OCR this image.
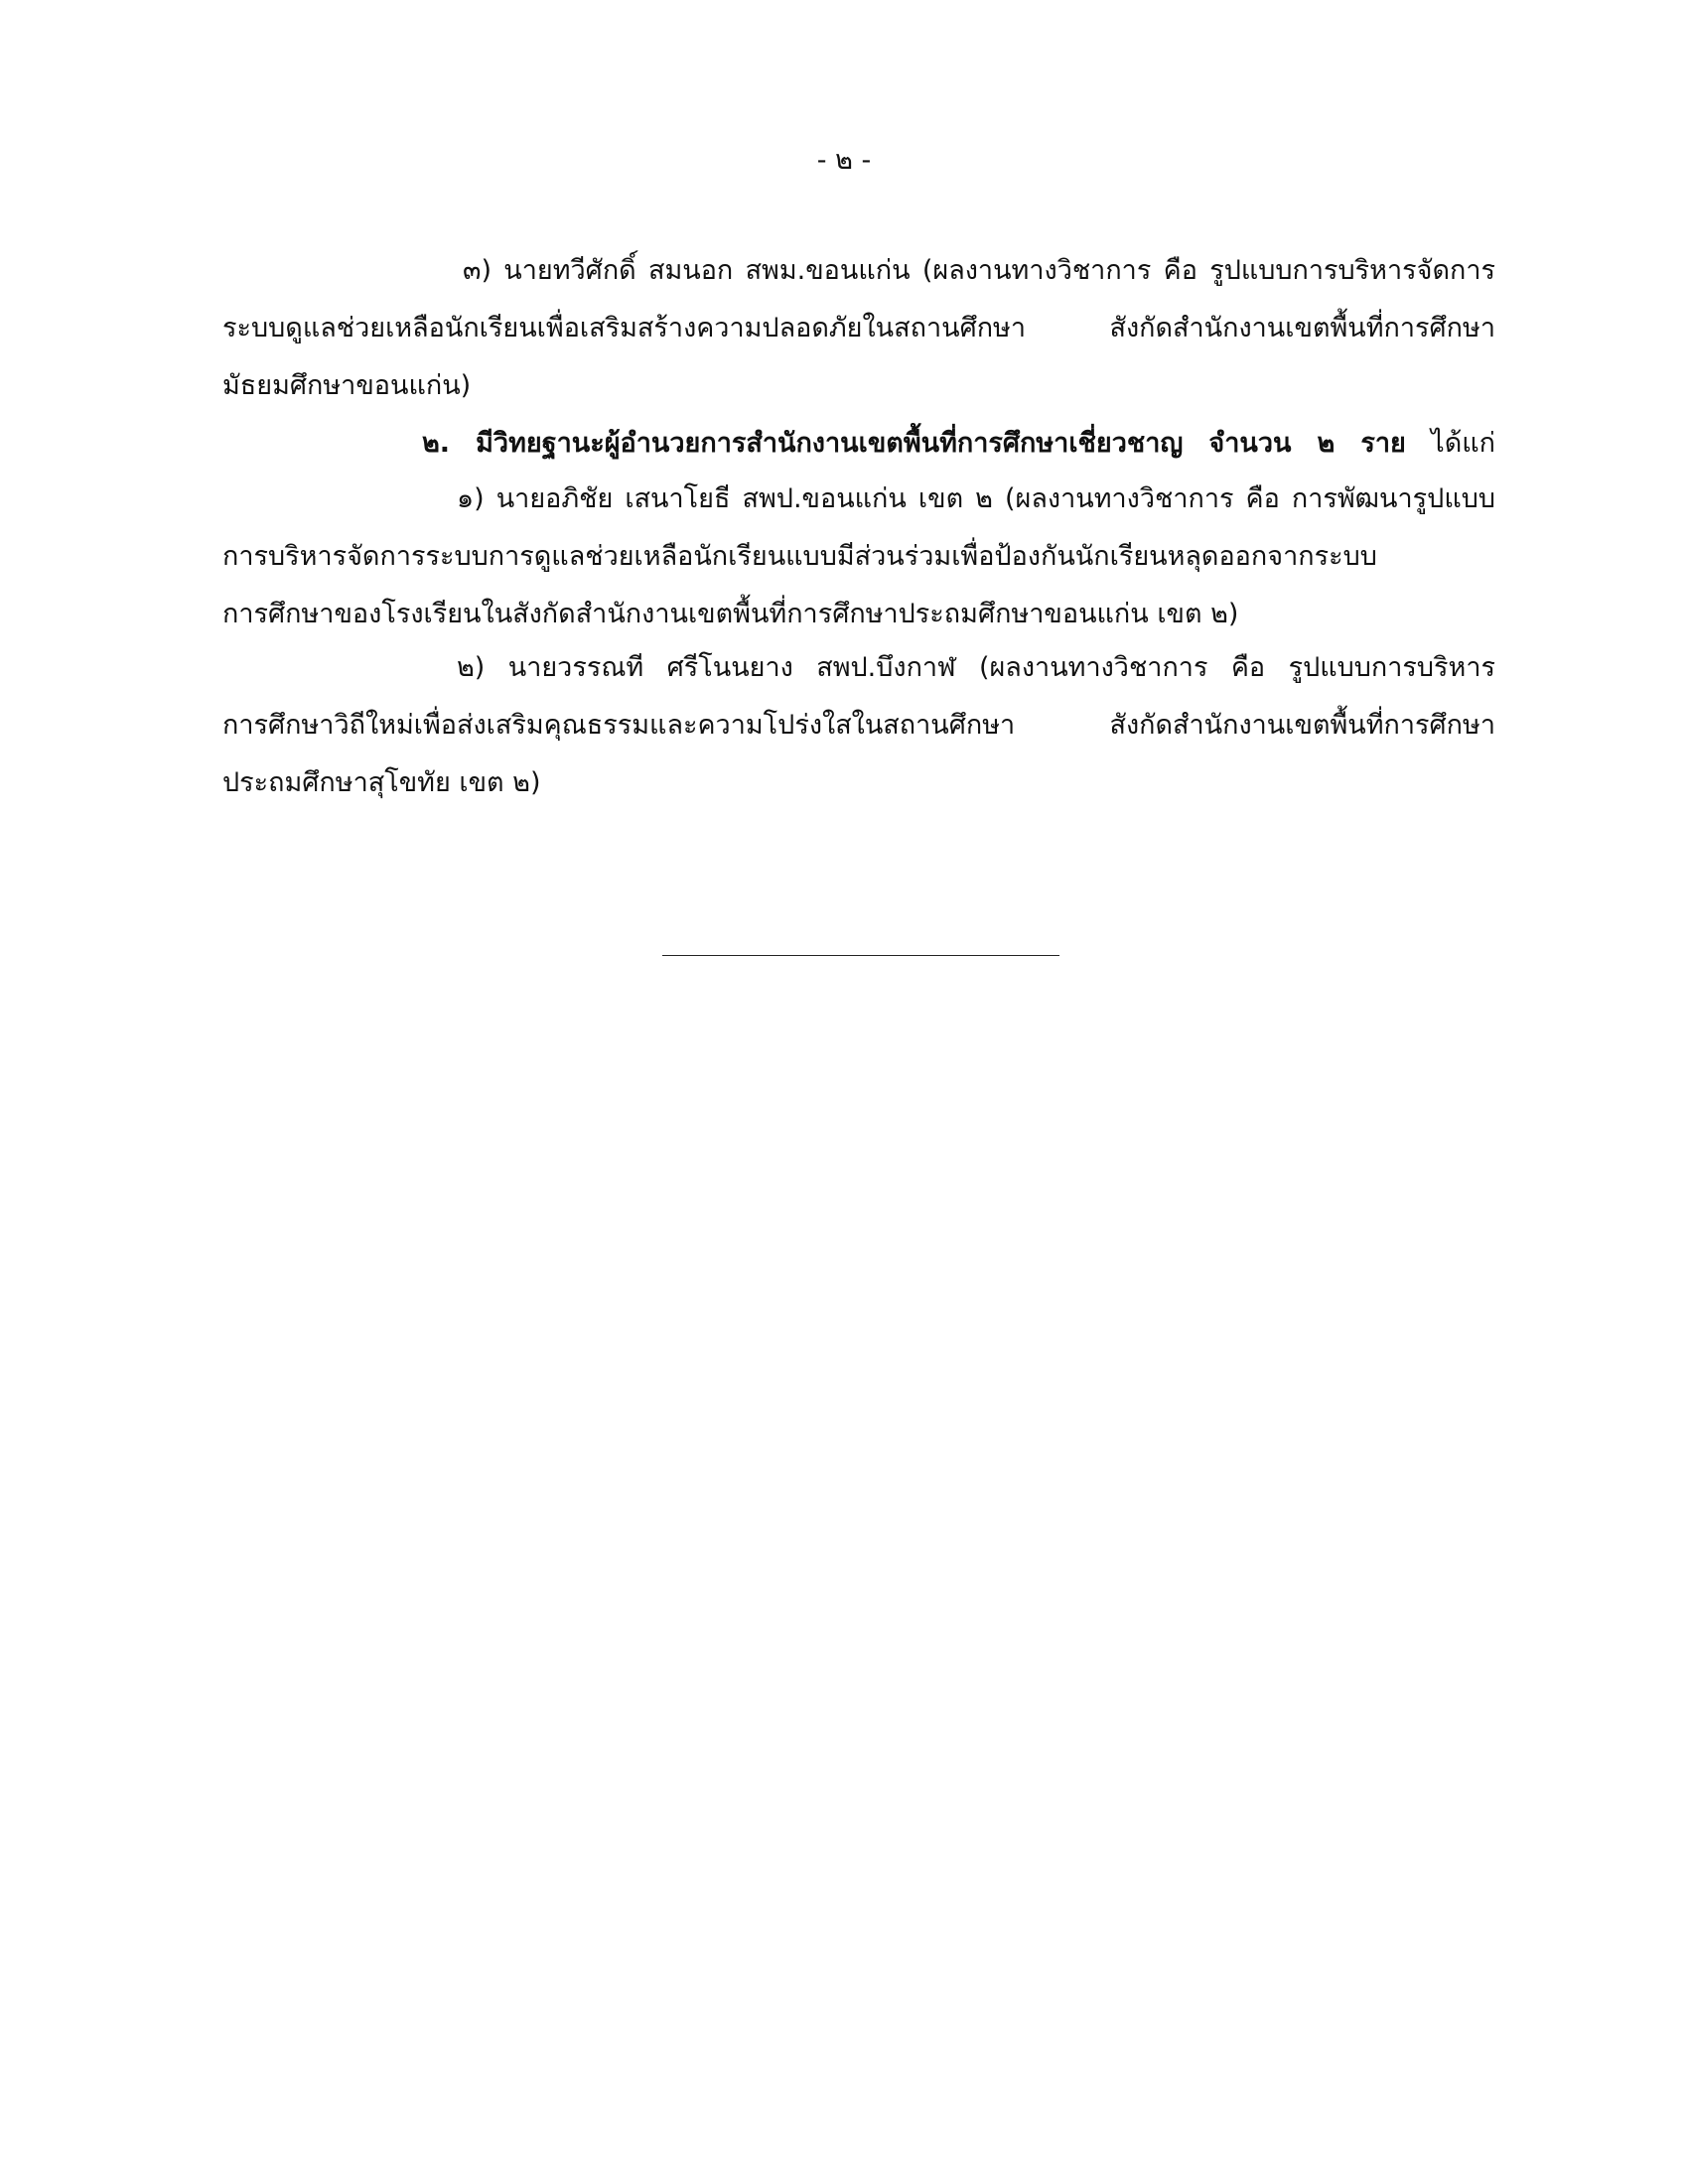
- ๒ -
๓) นายทวีศักดิ์ สมนอก สพม.ขอนแก่น (ผลงานทางวิชาการ คือ รูปแบบการบริหารจัดการ
ระบบดูแลช่วยเหลือนักเรียนเพื่อเสริมสร้างความปลอดภัยในสถานศึกษา สังกัดสำนักงานเขตพื้นที่การศึกษา
มัธยมศึกษาขอนแก่น)
๒. มีวิทยฐานะผู้อำนวยการสำนักงานเขตพื้นที่การศึกษาเชี่ยวชาญ จำนวน ๒ ราย ได้แก่
๑) นายอภิชัย เสนาโยธี สพป.ขอนแก่น เขต ๒ (ผลงานทางวิชาการ คือ การพัฒนารูปแบบ
การบริหารจัดการระบบการดูแลช่วยเหลือนักเรียนแบบมีส่วนร่วมเพื่อป้องกันนักเรียนหลุดออกจากระบบ
การศึกษาของโรงเรียนในสังกัดสำนักงานเขตพื้นที่การศึกษาประถมศึกษาขอนแก่น เขต ๒)
๒) นายวรรณที ศรีโนนยาง สพป.บึงกาฬ (ผลงานทางวิชาการ คือ รูปแบบการบริหาร
การศึกษาวิถีใหม่เพื่อส่งเสริมคุณธรรมและความโปร่งใสในสถานศึกษา สังกัดสำนักงานเขตพื้นที่การศึกษา
ประถมศึกษาสุโขทัย เขต ๒)
